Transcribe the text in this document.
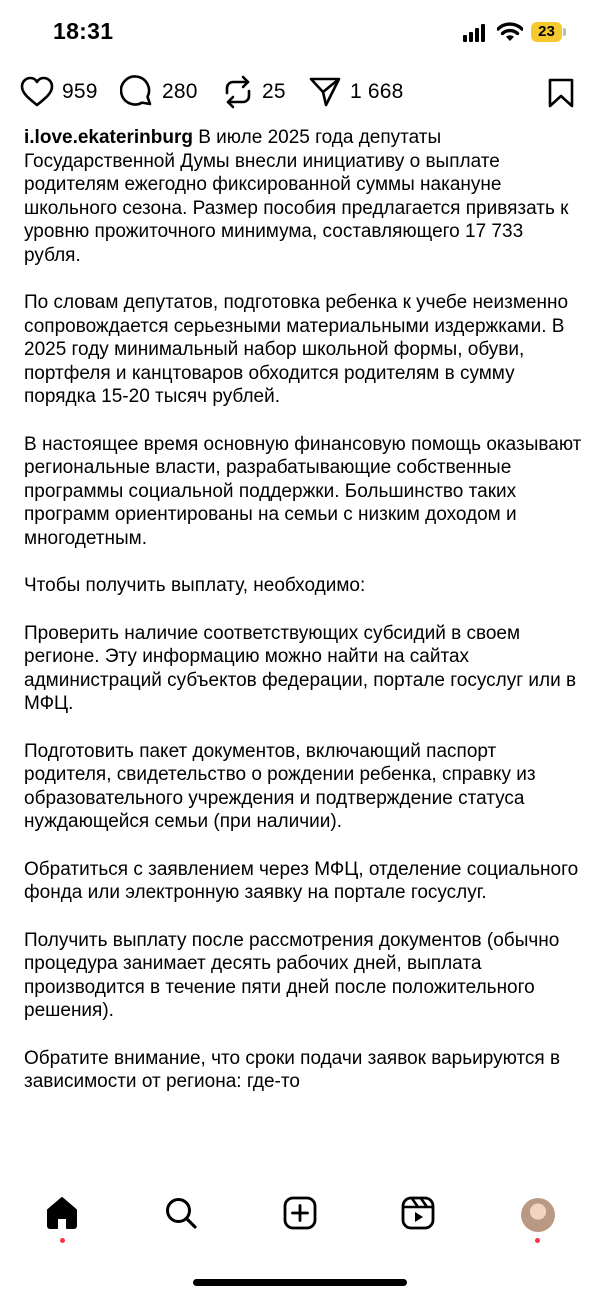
18:31	23
959	280	25	1 668

i.love.ekaterinburg В июле 2025 года депутаты Государственной Думы внесли инициативу о выплате родителям ежегодно фиксированной суммы накануне школьного сезона. Размер пособия предлагается привязать к уровню прожиточного минимума, составляющего 17 733 рубля.

По словам депутатов, подготовка ребенка к учебе неизменно сопровождается серьезными материальными издержками. В 2025 году минимальный набор школьной формы, обуви, портфеля и канцтоваров обходится родителям в сумму порядка 15-20 тысяч рублей.

В настоящее время основную финансовую помощь оказывают региональные власти, разрабатывающие собственные программы социальной поддержки. Большинство таких программ ориентированы на семьи с низким доходом и многодетным.

Чтобы получить выплату, необходимо:

Проверить наличие соответствующих субсидий в своем регионе. Эту информацию можно найти на сайтах администраций субъектов федерации, портале госуслуг или в МФЦ.

Подготовить пакет документов, включающий паспорт родителя, свидетельство о рождении ребенка, справку из образовательного учреждения и подтверждение статуса нуждающейся семьи (при наличии).

Обратиться с заявлением через МФЦ, отделение социального фонда или электронную заявку на портале госуслуг.

Получить выплату после рассмотрения документов (обычно процедура занимает десять рабочих дней, выплата производится в течение пяти дней после положительного решения).

Обратите внимание, что сроки подачи заявок варьируются в зависимости от региона: где-то
